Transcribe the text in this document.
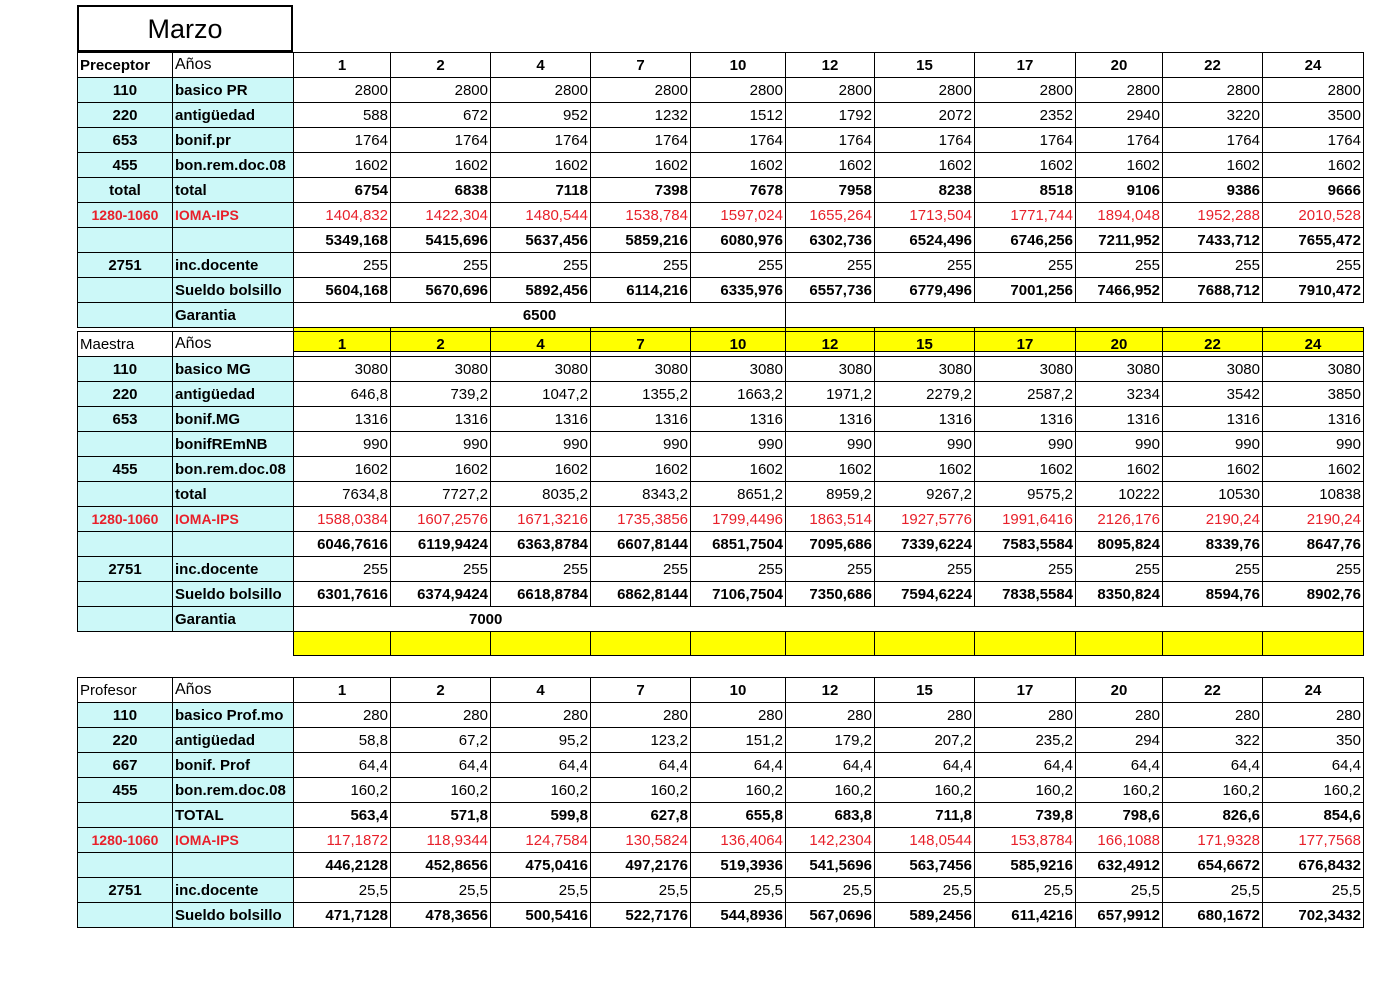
Marzo
Preceptor	Años	1	2	4	7	10	12	15	17	20	22	24
110	basico PR	2800	2800	2800	2800	2800	2800	2800	2800	2800	2800	2800
220	antigüedad	588	672	952	1232	1512	1792	2072	2352	2940	3220	3500
653	bonif.pr	1764	1764	1764	1764	1764	1764	1764	1764	1764	1764	1764
455	bon.rem.doc.08	1602	1602	1602	1602	1602	1602	1602	1602	1602	1602	1602
total	total	6754	6838	7118	7398	7678	7958	8238	8518	9106	9386	9666
1280-1060	IOMA-IPS	1404,832	1422,304	1480,544	1538,784	1597,024	1655,264	1713,504	1771,744	1894,048	1952,288	2010,528
		5349,168	5415,696	5637,456	5859,216	6080,976	6302,736	6524,496	6746,256	7211,952	7433,712	7655,472
2751	inc.docente	255	255	255	255	255	255	255	255	255	255	255
	Sueldo bolsillo	5604,168	5670,696	5892,456	6114,216	6335,976	6557,736	6779,496	7001,256	7466,952	7688,712	7910,472
	Garantia	6500										

Maestra	Años	1	2	4	7	10	12	15	17	20	22	24
110	basico MG	3080	3080	3080	3080	3080	3080	3080	3080	3080	3080	3080
220	antigüedad	646,8	739,2	1047,2	1355,2	1663,2	1971,2	2279,2	2587,2	3234	3542	3850
653	bonif.MG	1316	1316	1316	1316	1316	1316	1316	1316	1316	1316	1316
	bonifREmNB	990	990	990	990	990	990	990	990	990	990	990
455	bon.rem.doc.08	1602	1602	1602	1602	1602	1602	1602	1602	1602	1602	1602
	total	7634,8	7727,2	8035,2	8343,2	8651,2	8959,2	9267,2	9575,2	10222	10530	10838
1280-1060	IOMA-IPS	1588,0384	1607,2576	1671,3216	1735,3856	1799,4496	1863,514	1927,5776	1991,6416	2126,176	2190,24	2190,24
		6046,7616	6119,9424	6363,8784	6607,8144	6851,7504	7095,686	7339,6224	7583,5584	8095,824	8339,76	8647,76
2751	inc.docente	255	255	255	255	255	255	255	255	255	255	255
	Sueldo bolsillo	6301,7616	6374,9424	6618,8784	6862,8144	7106,7504	7350,686	7594,6224	7838,5584	8350,824	8594,76	8902,76
	Garantia	7000										

Profesor	Años	1	2	4	7	10	12	15	17	20	22	24
110	basico Prof.mo	280	280	280	280	280	280	280	280	280	280	280
220	antigüedad	58,8	67,2	95,2	123,2	151,2	179,2	207,2	235,2	294	322	350
667	bonif. Prof	64,4	64,4	64,4	64,4	64,4	64,4	64,4	64,4	64,4	64,4	64,4
455	bon.rem.doc.08	160,2	160,2	160,2	160,2	160,2	160,2	160,2	160,2	160,2	160,2	160,2
	TOTAL	563,4	571,8	599,8	627,8	655,8	683,8	711,8	739,8	798,6	826,6	854,6
1280-1060	IOMA-IPS	117,1872	118,9344	124,7584	130,5824	136,4064	142,2304	148,0544	153,8784	166,1088	171,9328	177,7568
		446,2128	452,8656	475,0416	497,2176	519,3936	541,5696	563,7456	585,9216	632,4912	654,6672	676,8432
2751	inc.docente	25,5	25,5	25,5	25,5	25,5	25,5	25,5	25,5	25,5	25,5	25,5
	Sueldo bolsillo	471,7128	478,3656	500,5416	522,7176	544,8936	567,0696	589,2456	611,4216	657,9912	680,1672	702,3432
